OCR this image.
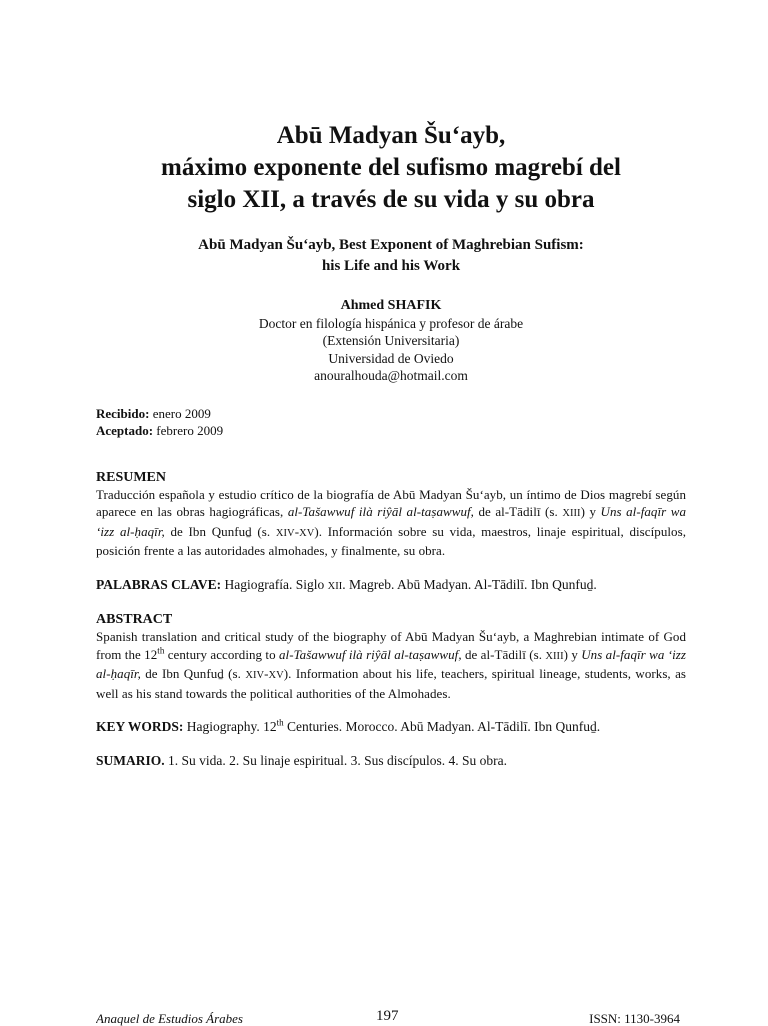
Abū Madyan Šu‘ayb,
máximo exponente del sufismo magrebí del
siglo XII, a través de su vida y su obra
Abū Madyan Šu‘ayb, Best Exponent of Maghrebian Sufism:
his Life and his Work
Ahmed SHAFIK
Doctor en filología hispánica y profesor de árabe
(Extensión Universitaria)
Universidad de Oviedo
anouralhouda@hotmail.com
Recibido: enero 2009
Aceptado: febrero 2009
RESUMEN

Traducción española y estudio crítico de la biografía de Abū Madyan Šu‘ayb, un íntimo de Dios magrebí según aparece en las obras hagiográficas, al-Tašawwuf ilà riŷāl al-taṣawwuf, de al-Tādilī (s. XIII) y Uns al-faqīr wa ‘izz al-ḥaqīr, de Ibn Qunfuḏ (s. XIV-XV). Información sobre su vida, maestros, linaje espiritual, discípulos, posición frente a las autoridades almohades, y finalmente, su obra.

PALABRAS CLAVE: Hagiografía. Siglo XII. Magreb. Abū Madyan. Al-Tādilī. Ibn Qunfuḏ.

ABSTRACT

Spanish translation and critical study of the biography of Abū Madyan Šu‘ayb, a Maghrebian intimate of God from the 12th century according to al-Tašawwuf ilà riŷāl al-taṣawwuf, de al-Tādilī (s. XIII) y Uns al-faqīr wa ‘izz al-ḥaqīr, de Ibn Qunfuḏ (s. XIV-XV). Information about his life, teachers, spiritual lineage, students, works, as well as his stand towards the political authorities of the Almohades.

KEY WORDS: Hagiography. 12th Centuries. Morocco. Abū Madyan. Al-Tādilī. Ibn Qunfuḏ.

SUMARIO. 1. Su vida. 2. Su linaje espiritual. 3. Sus discípulos. 4. Su obra.

Anaquel de Estudios Árabes	197	ISSN: 1130-3964
